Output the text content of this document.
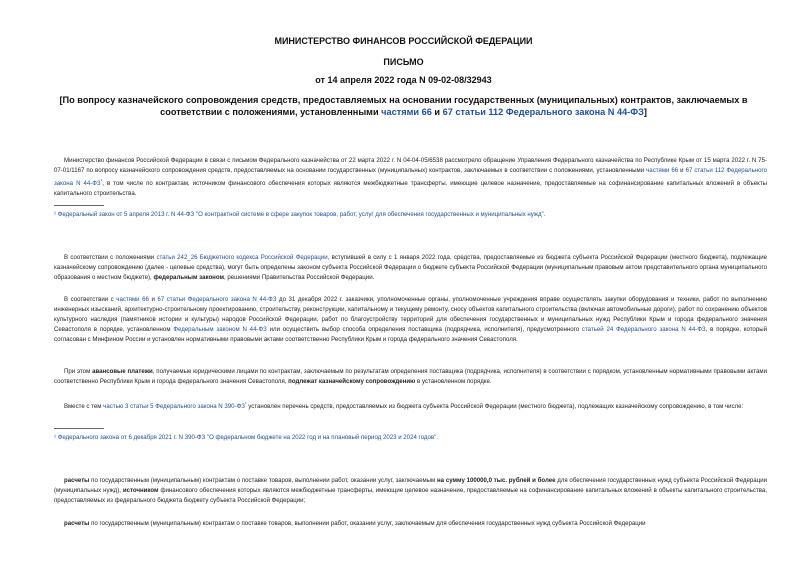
МИНИСТЕРСТВО ФИНАНСОВ РОССИЙСКОЙ ФЕДЕРАЦИИ

ПИСЬМО

от 14 апреля 2022 года N 09-02-08/32943

[По вопросу казначейского сопровождения средств, предоставляемых на основании государственных (муниципальных) контрактов, заключаемых в соответствии с положениями, установленными частями 66 и 67 статьи 112 Федерального закона N 44-ФЗ]

Министерство финансов Российской Федерации в связи с письмом Федерального казначейства от 22 марта 2022 г. N 04-04-05/6538 рассмотрело обращение Управления Федерального казначейства по Республике Крым от 15 марта 2022 г. N 75-07-01/1167 по вопросу казначейского сопровождения средств, предоставляемых на основании государственных (муниципальных) контрактов, заключаемых в соответствии с положениями, установленными частями 66 и 67 статьи 112 Федерального закона N $44-ФЗ^{^1}$, в том числе по контрактам, источником финансового обеспечения которых являются межбюджетные трансферты, имеющие целевое назначение, предоставляемые на софинансирование капитальных вложений в объекты капитального строительства.

¹ Федеральный закон от 5 апреля 2013 г. N 44-ФЗ "О контрактной системе в сфере закупок товаров, работ, услуг для обеспечения государственных и муниципальных нужд".

В соответствии с положениями статьи 242_26 Бюджетного кодекса Российской Федерации, вступившей в силу с 1 января 2022 года, средства, предоставляемые из бюджета субъекта Российской Федерации (местного бюджета), подлежащие казначейскому сопровождению (далее - целевые средства), могут быть определены законом субъекта Российской Федерации о бюджете субъекта Российской Федерации (муниципальным правовым актом представительного органа муниципального образования о местном бюджете), федеральным законом, решениями Правительства Российской Федерации.

В соответствии с частями 66 и 67 статьи Федерального закона N 44-ФЗ до 31 декабря 2022 г. заказчики, уполномоченные органы, уполномоченные учреждения вправе осуществлять закупки оборудования и техники, работ по выполнению инженерных изысканий, архитектурно-строительному проектированию, строительству, реконструкции, капитальному и текущему ремонту, сносу объектов капитального строительства (включая автомобильные дороги), работ по сохранению объектов культурного наследия (памятников истории и культуры) народов Российской Федерации, работ по благоустройству территорий для обеспечения государственных и муниципальных нужд Республики Крым и города федерального значения Севастополя в порядке, установленном Федеральным законом N 44-ФЗ или осуществить выбор способа определения поставщика (подрядчика, исполнителя), предусмотренного статьей 24 Федерального закона N 44-ФЗ, в порядке, который согласован с Минфином России и установлен нормативными правовыми актами соответственно Республики Крым и города федерального значения Севастополя.

При этом авансовые платежи, получаемые юридическими лицами по контрактам, заключаемым по результатам определения поставщика (подрядчика, исполнителя) в соответствии с порядком, установленным нормативными правовыми актами соответственно Республики Крым и города федерального значения Севастополя, подлежат казначейскому сопровождению в установленном порядке.

Вместе с тем частью 3 статьи 5 Федерального закона N $390-ФЗ^{^1}$ установлен перечень средств, предоставляемых из бюджета субъекта Российской Федерации (местного бюджета), подлежащих казначейскому сопровождению, в том числе:

¹ Федерального закона от 6 декабря 2021 г. N 390-ФЗ "О федеральном бюджете на 2022 год и на плановый период 2023 и 2024 годов".

расчеты по государственным (муниципальным) контрактам о поставке товаров, выполнении работ, оказании услуг, заключаемым на сумму 100000,0 тыс. рублей и более для обеспечения государственных нужд субъекта Российской Федерации (муниципальных нужд), источником финансового обеспечения которых являются межбюджетные трансферты, имеющие целевое назначение, предоставляемые на софинансирование капитальных вложений в объекты капитального строительства, предоставляемых из федерального бюджета бюджету субъекта Российской Федерации;

расчеты по государственным (муниципальным) контрактам о поставке товаров, выполнении работ, оказании услуг, заключаемым для обеспечения государственных нужд субъекта Российской Федерации
